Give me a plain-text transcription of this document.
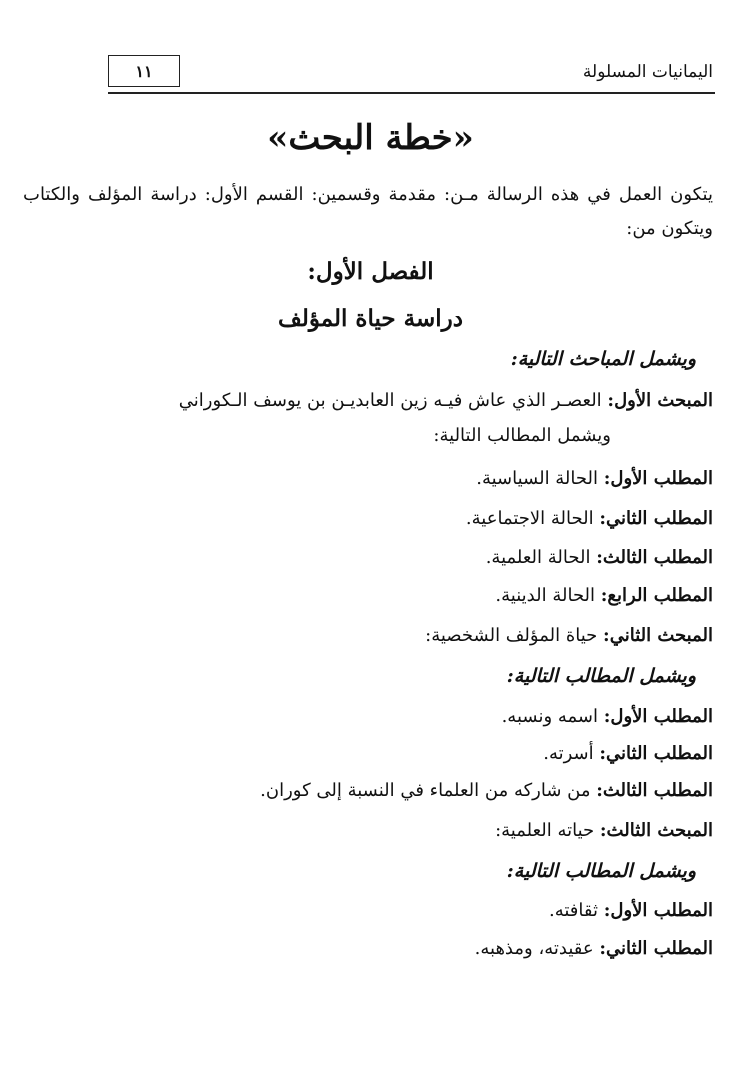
اليمانيات المسلولة
١١
«خطة البحث»
يتكون العمل في هذه الرسالة مـن: مقدمة وقسمين: القسم الأول: دراسة المؤلف والكتاب ويتكون من:
الفصل الأول:
دراسة حياة المؤلف
ويشمل المباحث التالية:
المبحث الأول: العصـر الذي عاش فيـه زين العابديـن بن يوسف الـكوراني
ويشمل المطالب التالية:
المطلب الأول: الحالة السياسية.
المطلب الثاني: الحالة الاجتماعية.
المطلب الثالث: الحالة العلمية.
المطلب الرابع: الحالة الدينية.
المبحث الثاني: حياة المؤلف الشخصية:
ويشمل المطالب التالية:
المطلب الأول: اسمه ونسبه.
المطلب الثاني: أسرته.
المطلب الثالث: من شاركه من العلماء في النسبة إلى كوران.
المبحث الثالث: حياته العلمية:
ويشمل المطالب التالية:
المطلب الأول: ثقافته.
المطلب الثاني: عقيدته، ومذهبه.
